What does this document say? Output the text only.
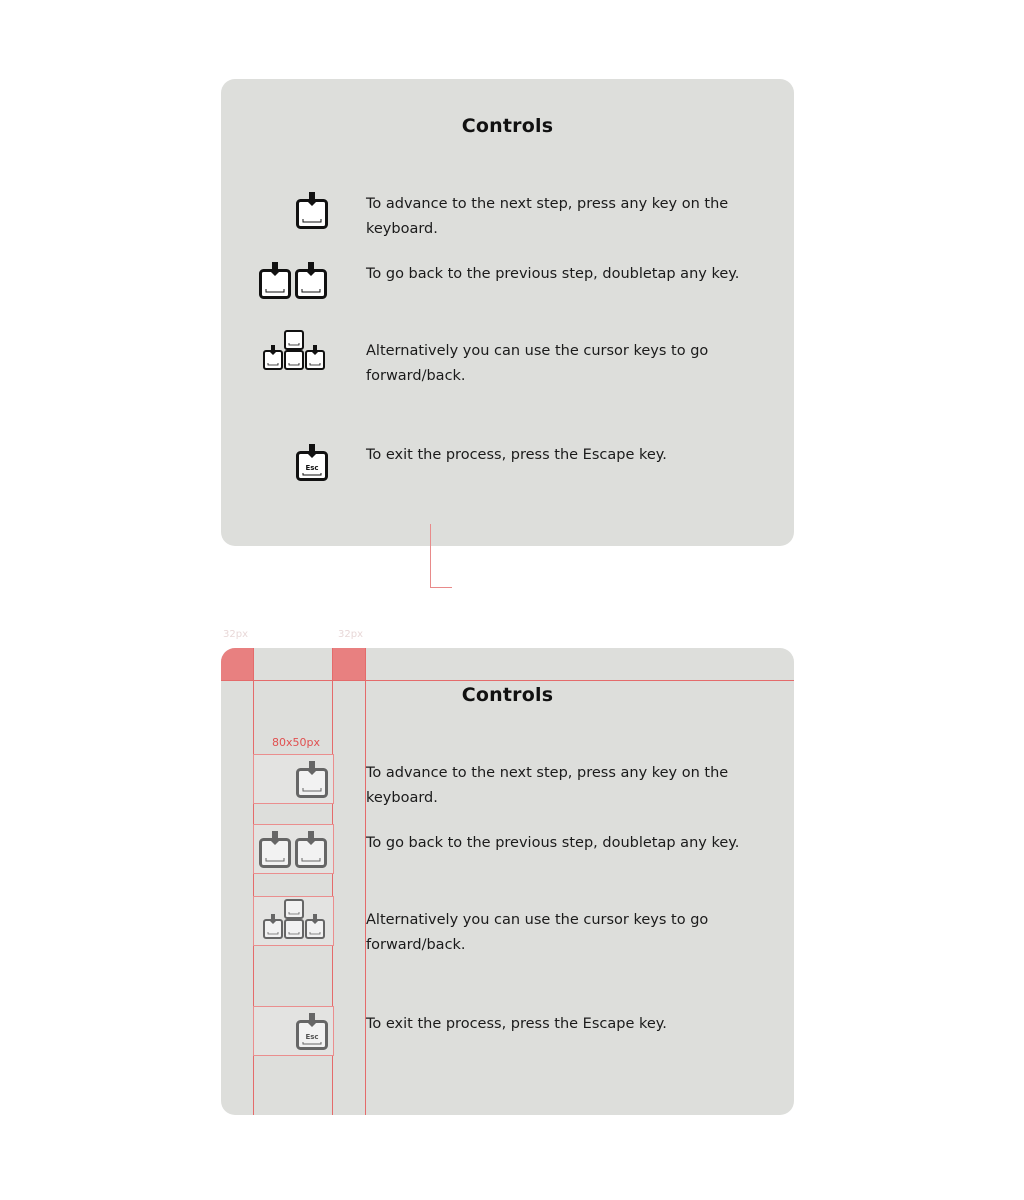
Controls
To advance to the next step, press any key on the keyboard.
To go back to the previous step, doubletap any key.
Alternatively you can use the cursor keys to go forward/back.
Esc
To exit the process, press the Escape key.
32px	32px
Controls
80x50px
To advance to the next step, press any key on the keyboard.
To go back to the previous step, doubletap any key.
Alternatively you can use the cursor keys to go forward/back.
Esc
To exit the process, press the Escape key.
